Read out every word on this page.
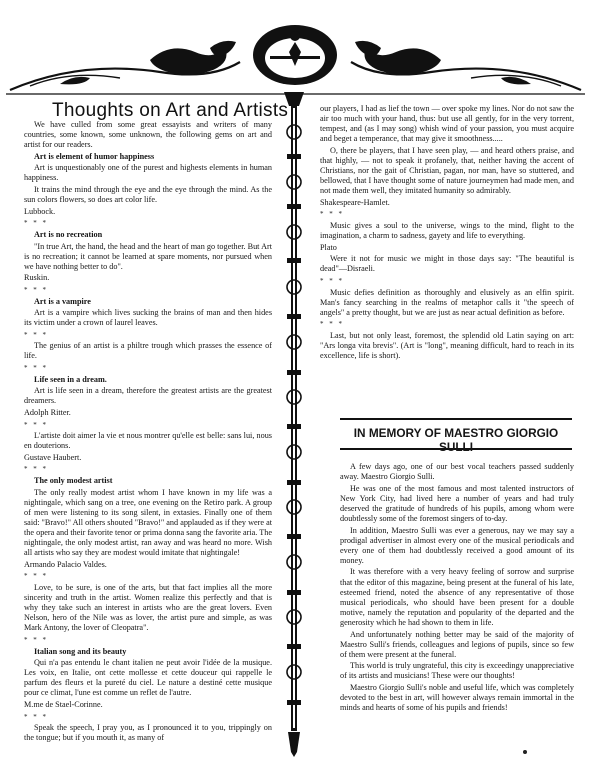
Thoughts on Art and Artists

We have culled from some great essayists and writers of many countries, some known, some unknown, the following gems on art and artist for our readers.

Art is element of humor happiness

Art is unquestionably one of the purest and highests elements in human happiness.

It trains the mind through the eye and the eye through the mind. As the sun colors flowers, so does art color life.

Lubbock.

* * *

Art is no recreation

"In true Art, the hand, the head and the heart of man go together. But Art is no recreation; it cannot be learned at spare moments, nor pursued when we have nothing better to do".

Ruskin.

* * *

Art is a vampire

Art is a vampire which lives sucking the brains of man and then hides its victim under a crown of laurel leaves.

* * *

The genius of an artist is a philtre trough which prasses the essence of life.

* * *

Life seen in a dream.

Art is life seen in a dream, therefore the greatest artists are the greatest dreamers.

Adolph Ritter.

* * *

L'artiste doit aimer la vie et nous montrer qu'elle est belle: sans lui, nous en douterions.

Gustave Haubert.

* * *

The only modest artist

The only really modest artist whom I have known in my life was a nightingale, which sang on a tree, one evening on the Retiro park. A group of men were listening to its song silent, in extasies. Finally one of them said: "Bravo!" All others shouted "Bravo!" and applauded as if they were at the opera and their favorite tenor or prima donna sang the favorite aria. The nightingale, the only modest artist, ran away and was heard no more. Wish all artists who say they are modest would imitate that nightingale!

Armando Palacio Valdes.

* * *

Love, to be sure, is one of the arts, but that fact implies all the more sincerity and truth in the artist. Women realize this perfectly and that is why they take such an interest in artists who are the great lovers. Even Nelson, hero of the Nile was as lover, the artist pure and simple, as was Mark Antony, the lover of Cleopatra".

* * *

Italian song and its beauty

Qui n'a pas entendu le chant italien ne peut avoir l'idée de la musique. Les voix, en Italie, ont cette mollesse et cette douceur qui rappelle le parfum des fleurs et la pureté du ciel. Le nature a destiné cette musique pour ce climat, l'une est comme un reflet de l'autre.

M.me de Stael-Corinne.

* * *

Speak the speech, I pray you, as I pronounced it to you, trippingly on the tongue; but if you mouth it, as many of

our players, I had as lief the town — over spoke my lines. Nor do not saw the air too much with your hand, thus: but use all gently, for in the very torrent, tempest, and (as I may song) whish wind of your passion, you must acquire and beget a temperance, that may give it smoothness.....

O, there be players, that I have seen play, — and heard others praise, and that highly, — not to speak it profanely, that, neither having the accent of Christians, nor the gait of Christian, pagan, nor man, have so stuttered, and bellowed, that I have thought some of nature journeymen had made men, and not made them well, they imitated humanity so admirably.

Shakespeare-Hamlet.

* * *

Music gives a soul to the universe, wings to the mind, flight to the imagination, a charm to sadness, gayety and life to everything.

Plato

Were it not for music we might in those days say: "The beautiful is dead"—Disraeli.

* * *

Music defies definition as thoroughly and elusively as an elfin spirit. Man's fancy searching in the realms of metaphor calls it "the speech of angels" a pretty thought, but we are just as near actual definition as before.

* * *

Last, but not only least, foremost, the splendid old Latin saying on art: "Ars longa vita brevis". (Art is "long", meaning difficult, hard to reach in its excellence, life is short).

IN MEMORY OF MAESTRO GIORGIO SULLI

A few days ago, one of our best vocal teachers passed suddenly away. Maestro Giorgio Sulli.

He was one of the most famous and most talented instructors of New York City, had lived here a number of years and had truly deserved the gratitude of hundreds of his pupils, among whom were doubtlessly some of the foremost singers of to-day.

In addition, Maestro Sulli was ever a generous, nay we may say a prodigal advertiser in almost every one of the musical periodicals and every one of them had doubtlessly received a good amount of its money.

It was therefore with a very heavy feeling of sorrow and surprise that the editor of this magazine, being present at the funeral of his late, esteemed friend, noted the absence of any representative of those musical periodicals, who should have been present for a double motive, namely the reputation and popularity of the departed and the generosity which he had shown to them in life.

And unfortunately nothing better may be said of the majority of Maestro Sulli's friends, colleagues and legions of pupils, since so few of them were present at the funeral.

This world is truly ungrateful, this city is exceedingy unappreciative of its artists and musicians! These were our thoughts!

Maestro Giorgio Sulli's noble and useful life, which was completely devoted to the best in art, will however always remain immortal in the minds and hearts of some of his pupils and friends!
